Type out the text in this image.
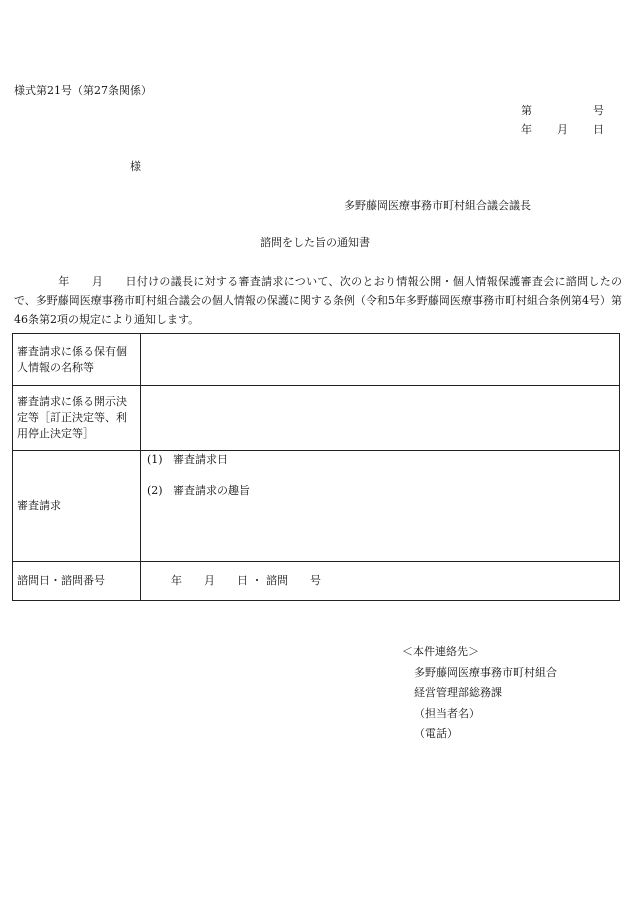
様式第21号（第27条関係）
第	号
年 月 日
様
多野藤岡医療事務市町村組合議会議長
諮問をした旨の通知書
年 月 日付けの議長に対する審査請求について、次のとおり情報公開・個人情報保護審査会に諮問したので、多野藤岡医療事務市町村組合議会の個人情報の保護に関する条例（令和5年多野藤岡医療事務市町村組合条例第4号）第46条第2項の規定により通知します。
審査請求に係る保有個人情報の名称等	
審査請求に係る開示決定等［訂正決定等、利用停止決定等］	
審査請求	(1) 審査請求日
(2) 審査請求の趣旨

諮問日・諮問番号	年　　月　　日 ・ 諮問　　号
＜本件連絡先＞
多野藤岡医療事務市町村組合
経営管理部総務課
（担当者名）
（電話）
